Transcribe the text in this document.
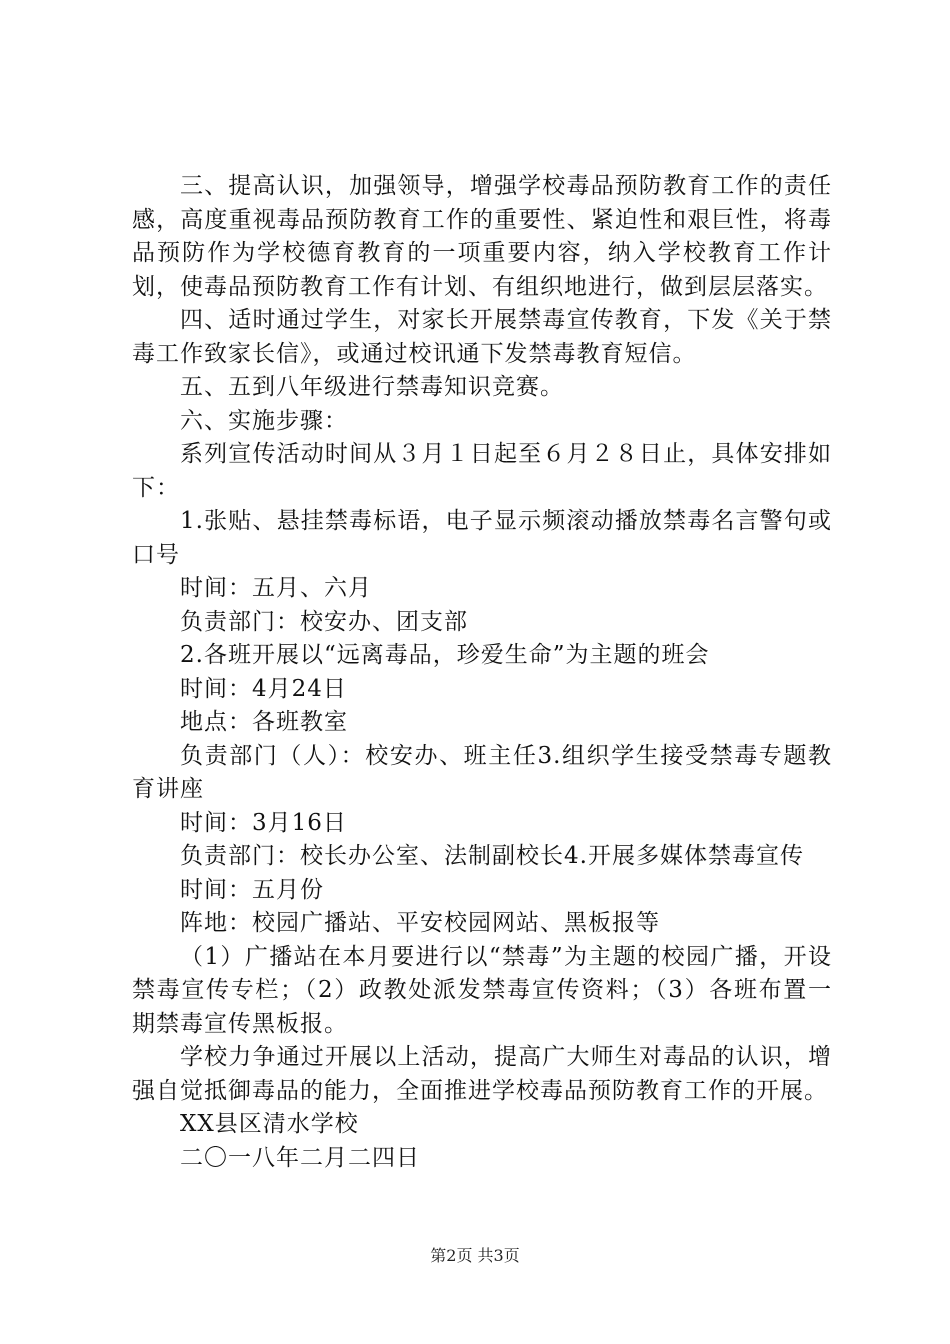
三、提高认识，加强领导，增强学校毒品预防教育工作的责任感，高度重视毒品预防教育工作的重要性、紧迫性和艰巨性，将毒品预防作为学校德育教育的一项重要内容，纳入学校教育工作计划，使毒品预防教育工作有计划、有组织地进行，做到层层落实。

四、适时通过学生，对家长开展禁毒宣传教育，下发《关于禁毒工作致家长信》，或通过校讯通下发禁毒教育短信。

五、五到八年级进行禁毒知识竞赛。

六、实施步骤：

系列宣传活动时间从３月１日起至６月２８日止，具体安排如下：

1.张贴、悬挂禁毒标语，电子显示频滚动播放禁毒名言警句或口号

时间：五月、六月

负责部门：校安办、团支部

2.各班开展以“远离毒品，珍爱生命”为主题的班会

时间：4月24日

地点：各班教室

负责部门（人）：校安办、班主任3.组织学生接受禁毒专题教育讲座

时间：3月16日

负责部门：校长办公室、法制副校长4.开展多媒体禁毒宣传

时间：五月份

阵地：校园广播站、平安校园网站、黑板报等

（1）广播站在本月要进行以“禁毒”为主题的校园广播，开设禁毒宣传专栏；（2）政教处派发禁毒宣传资料；（3）各班布置一期禁毒宣传黑板报。

学校力争通过开展以上活动，提高广大师生对毒品的认识，增强自觉抵御毒品的能力，全面推进学校毒品预防教育工作的开展。

XX县区清水学校

二〇一八年二月二四日

第2页 共3页
